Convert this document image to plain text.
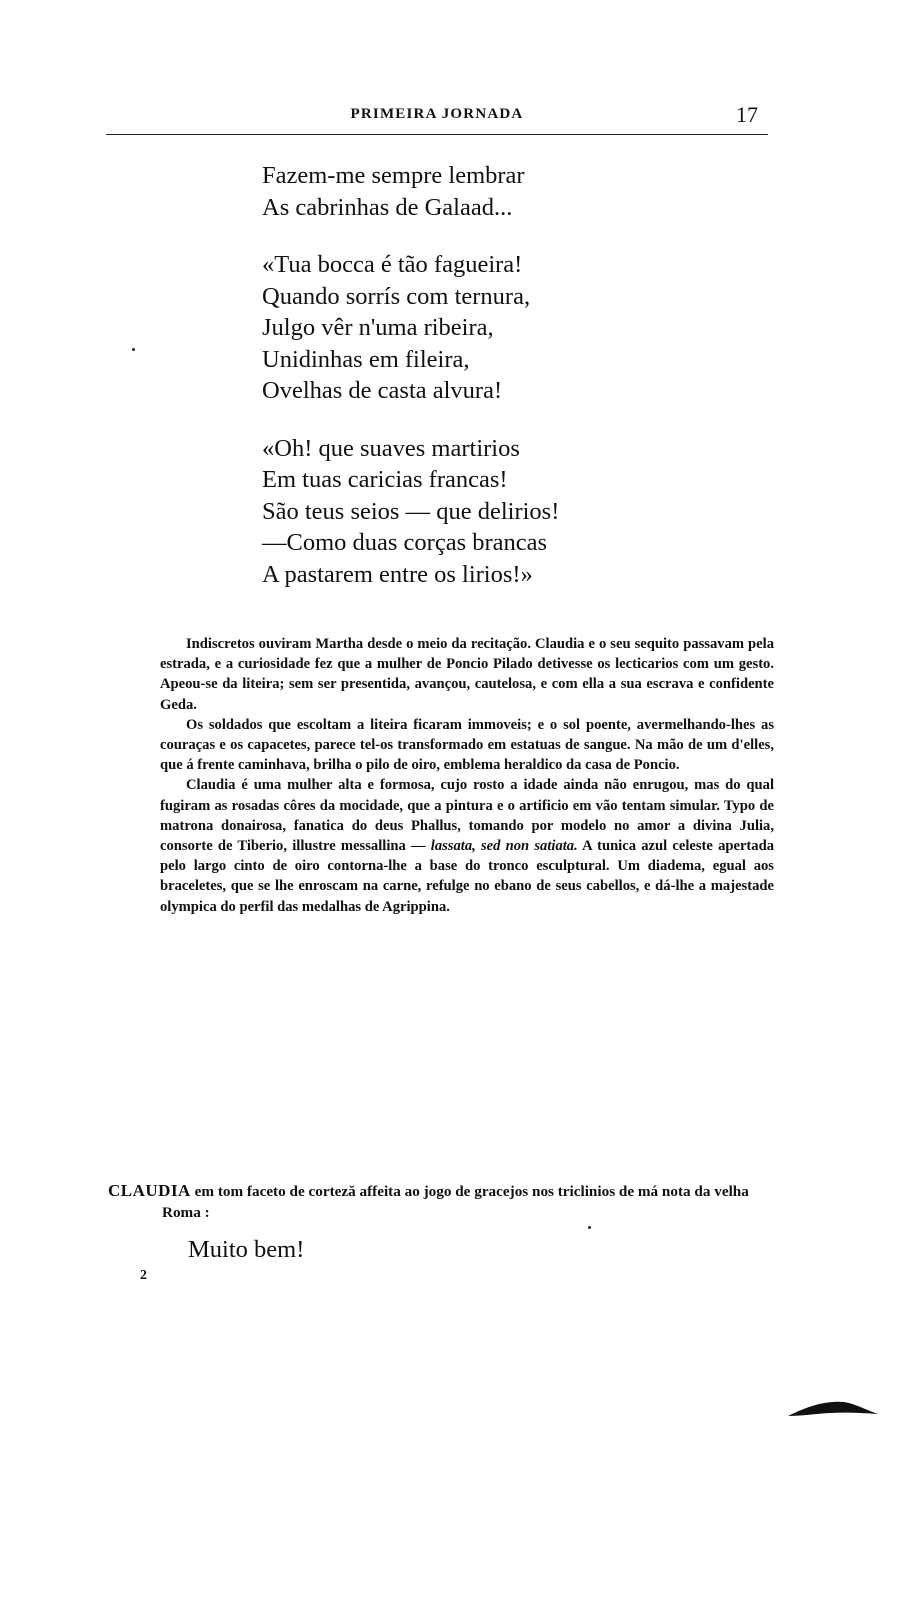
PRIMEIRA JORNADA	17
Fazem-me sempre lembrar
As cabrinhas de Galaad...
«Tua bocca é tão fagueira!
Quando sorrís com ternura,
Julgo vêr n'uma ribeira,
Unidinhas em fileira,
Ovelhas de casta alvura!
«Oh! que suaves martirios
Em tuas caricias francas!
São teus seios — que delirios!
—Como duas corças brancas
A pastarem entre os lirios!»

Indiscretos ouviram Martha desde o meio da recitação. Claudia e o seu sequito passavam pela estrada, e a curiosidade fez que a mulher de Poncio Pilado detivesse os lecticarios com um gesto. Apeou-se da liteira; sem ser presentida, avançou, cautelosa, e com ella a sua escrava e confidente Geda.

Os soldados que escoltam a liteira ficaram immoveis; e o sol poente, avermelhando-lhes as couraças e os capacetes, parece tel-os transformado em estatuas de sangue. Na mão de um d'elles, que á frente caminhava, brilha o pilo de oiro, emblema heraldico da casa de Poncio.

Claudia é uma mulher alta e formosa, cujo rosto a idade ainda não enrugou, mas do qual fugiram as rosadas côres da mocidade, que a pintura e o artificio em vão tentam simular. Typo de matrona donairosa, fanatica do deus Phallus, tomando por modelo no amor a divina Julia, consorte de Tiberio, illustre messallina — lassata, sed non satiata. A tunica azul celeste apertada pelo largo cinto de oiro contorna-lhe a base do tronco esculptural. Um diadema, egual aos braceletes, que se lhe enroscam na carne, refulge no ebano de seus cabellos, e dá-lhe a majestade olympica do perfil das medalhas de Agrippina.

CLAUDIA em tom faceto de corteză affeita ao jogo de gracejos nos triclinios de má nota da velha Roma :
Muito bem!
2
